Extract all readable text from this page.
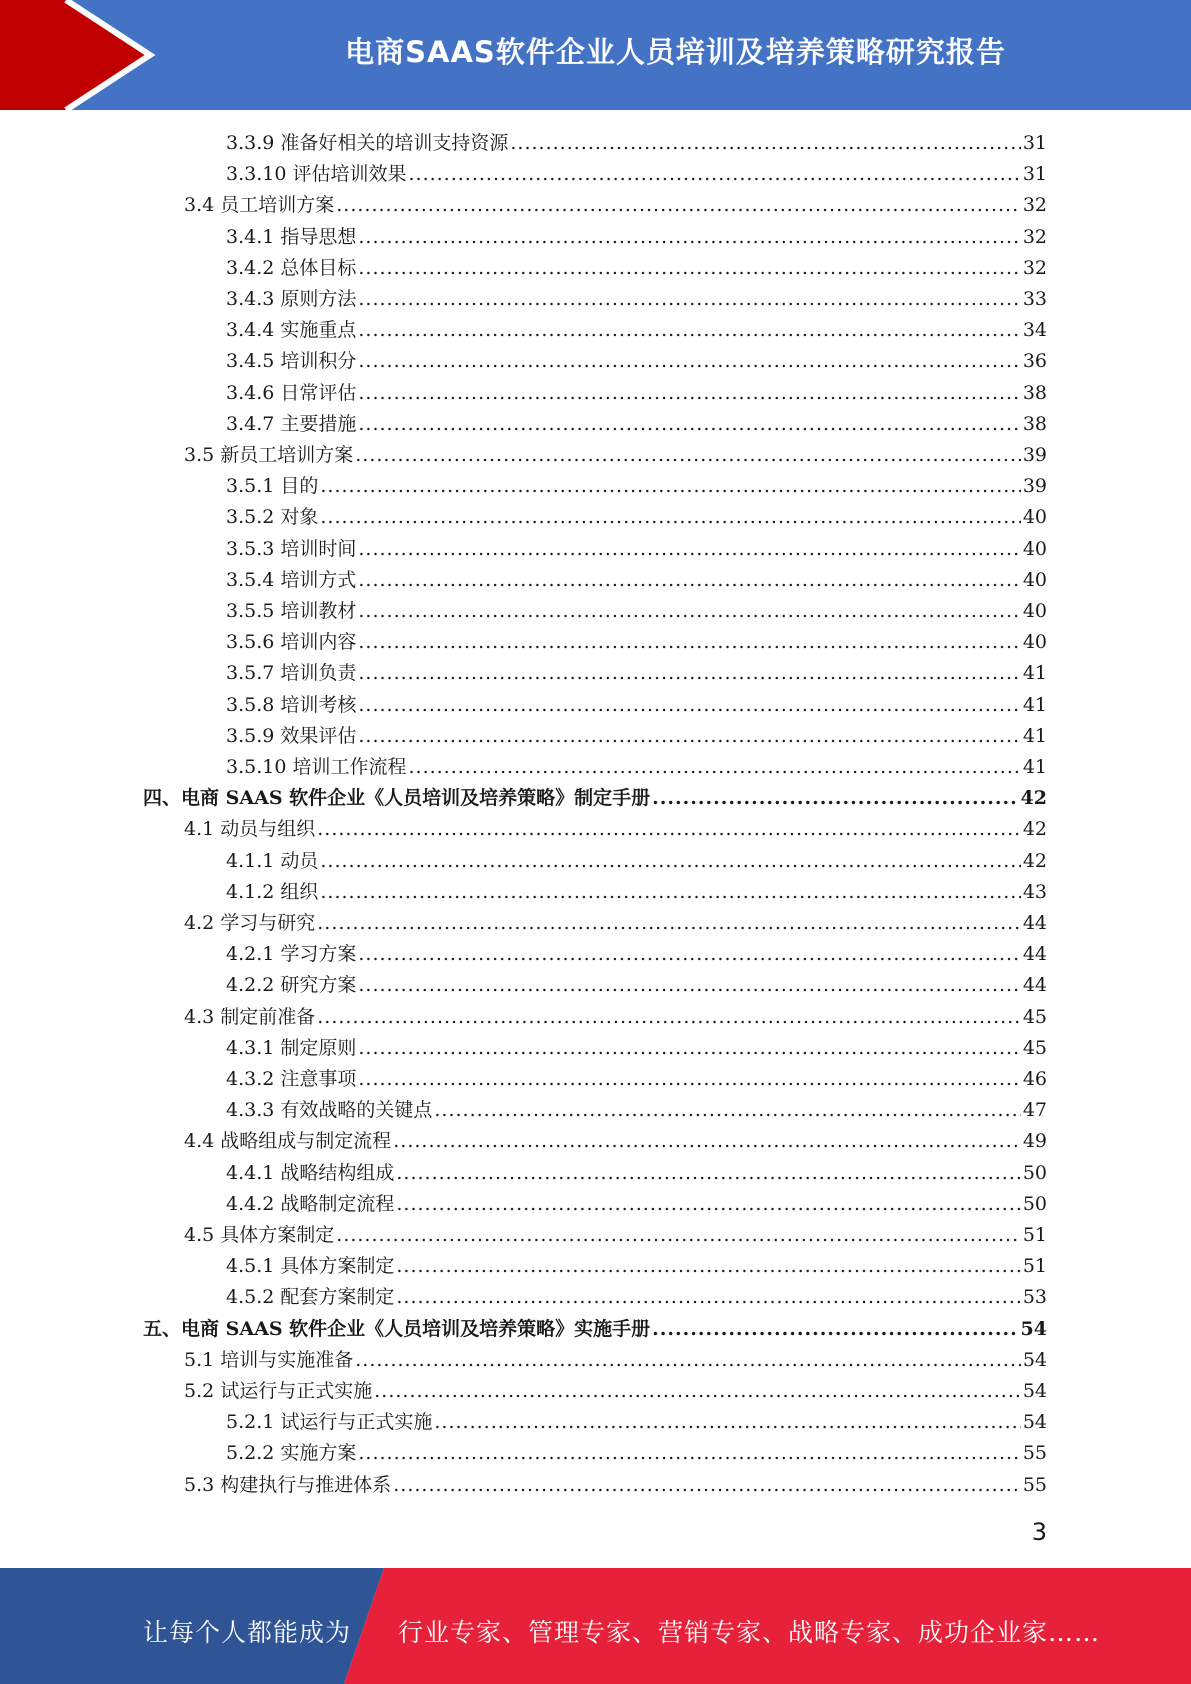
电商SAAS软件企业人员培训及培养策略研究报告
3.3.9 准备好相关的培训支持资源 .....	31
3.3.10 评估培训效果 .....	31
3.4 员工培训方案 .....	32
3.4.1 指导思想 .....	32
3.4.2 总体目标 .....	32
3.4.3 原则方法 .....	33
3.4.4 实施重点 .....	34
3.4.5 培训积分 .....	36
3.4.6 日常评估 .....	38
3.4.7 主要措施 .....	38
3.5 新员工培训方案 .....	39
3.5.1 目的 .....	39
3.5.2 对象 .....	40
3.5.3 培训时间 .....	40
3.5.4 培训方式 .....	40
3.5.5 培训教材 .....	40
3.5.6 培训内容 .....	40
3.5.7 培训负责 .....	41
3.5.8 培训考核 .....	41
3.5.9 效果评估 .....	41
3.5.10 培训工作流程 .....	41
四、电商 SAAS 软件企业《人员培训及培养策略》制定手册 .....	42
4.1 动员与组织 .....	42
4.1.1 动员 .....	42
4.1.2 组织 .....	43
4.2 学习与研究 .....	44
4.2.1 学习方案 .....	44
4.2.2 研究方案 .....	44
4.3 制定前准备 .....	45
4.3.1 制定原则 .....	45
4.3.2 注意事项 .....	46
4.3.3 有效战略的关键点 .....	47
4.4 战略组成与制定流程 .....	49
4.4.1 战略结构组成 .....	50
4.4.2 战略制定流程 .....	50
4.5 具体方案制定 .....	51
4.5.1 具体方案制定 .....	51
4.5.2 配套方案制定 .....	53
五、电商 SAAS 软件企业《人员培训及培养策略》实施手册 .....	54
5.1 培训与实施准备 .....	54
5.2 试运行与正式实施 .....	54
5.2.1 试运行与正式实施 .....	54
5.2.2 实施方案 .....	55
5.3 构建执行与推进体系 .....	55
3
让每个人都能成为 行业专家、管理专家、营销专家、战略专家、成功企业家……
